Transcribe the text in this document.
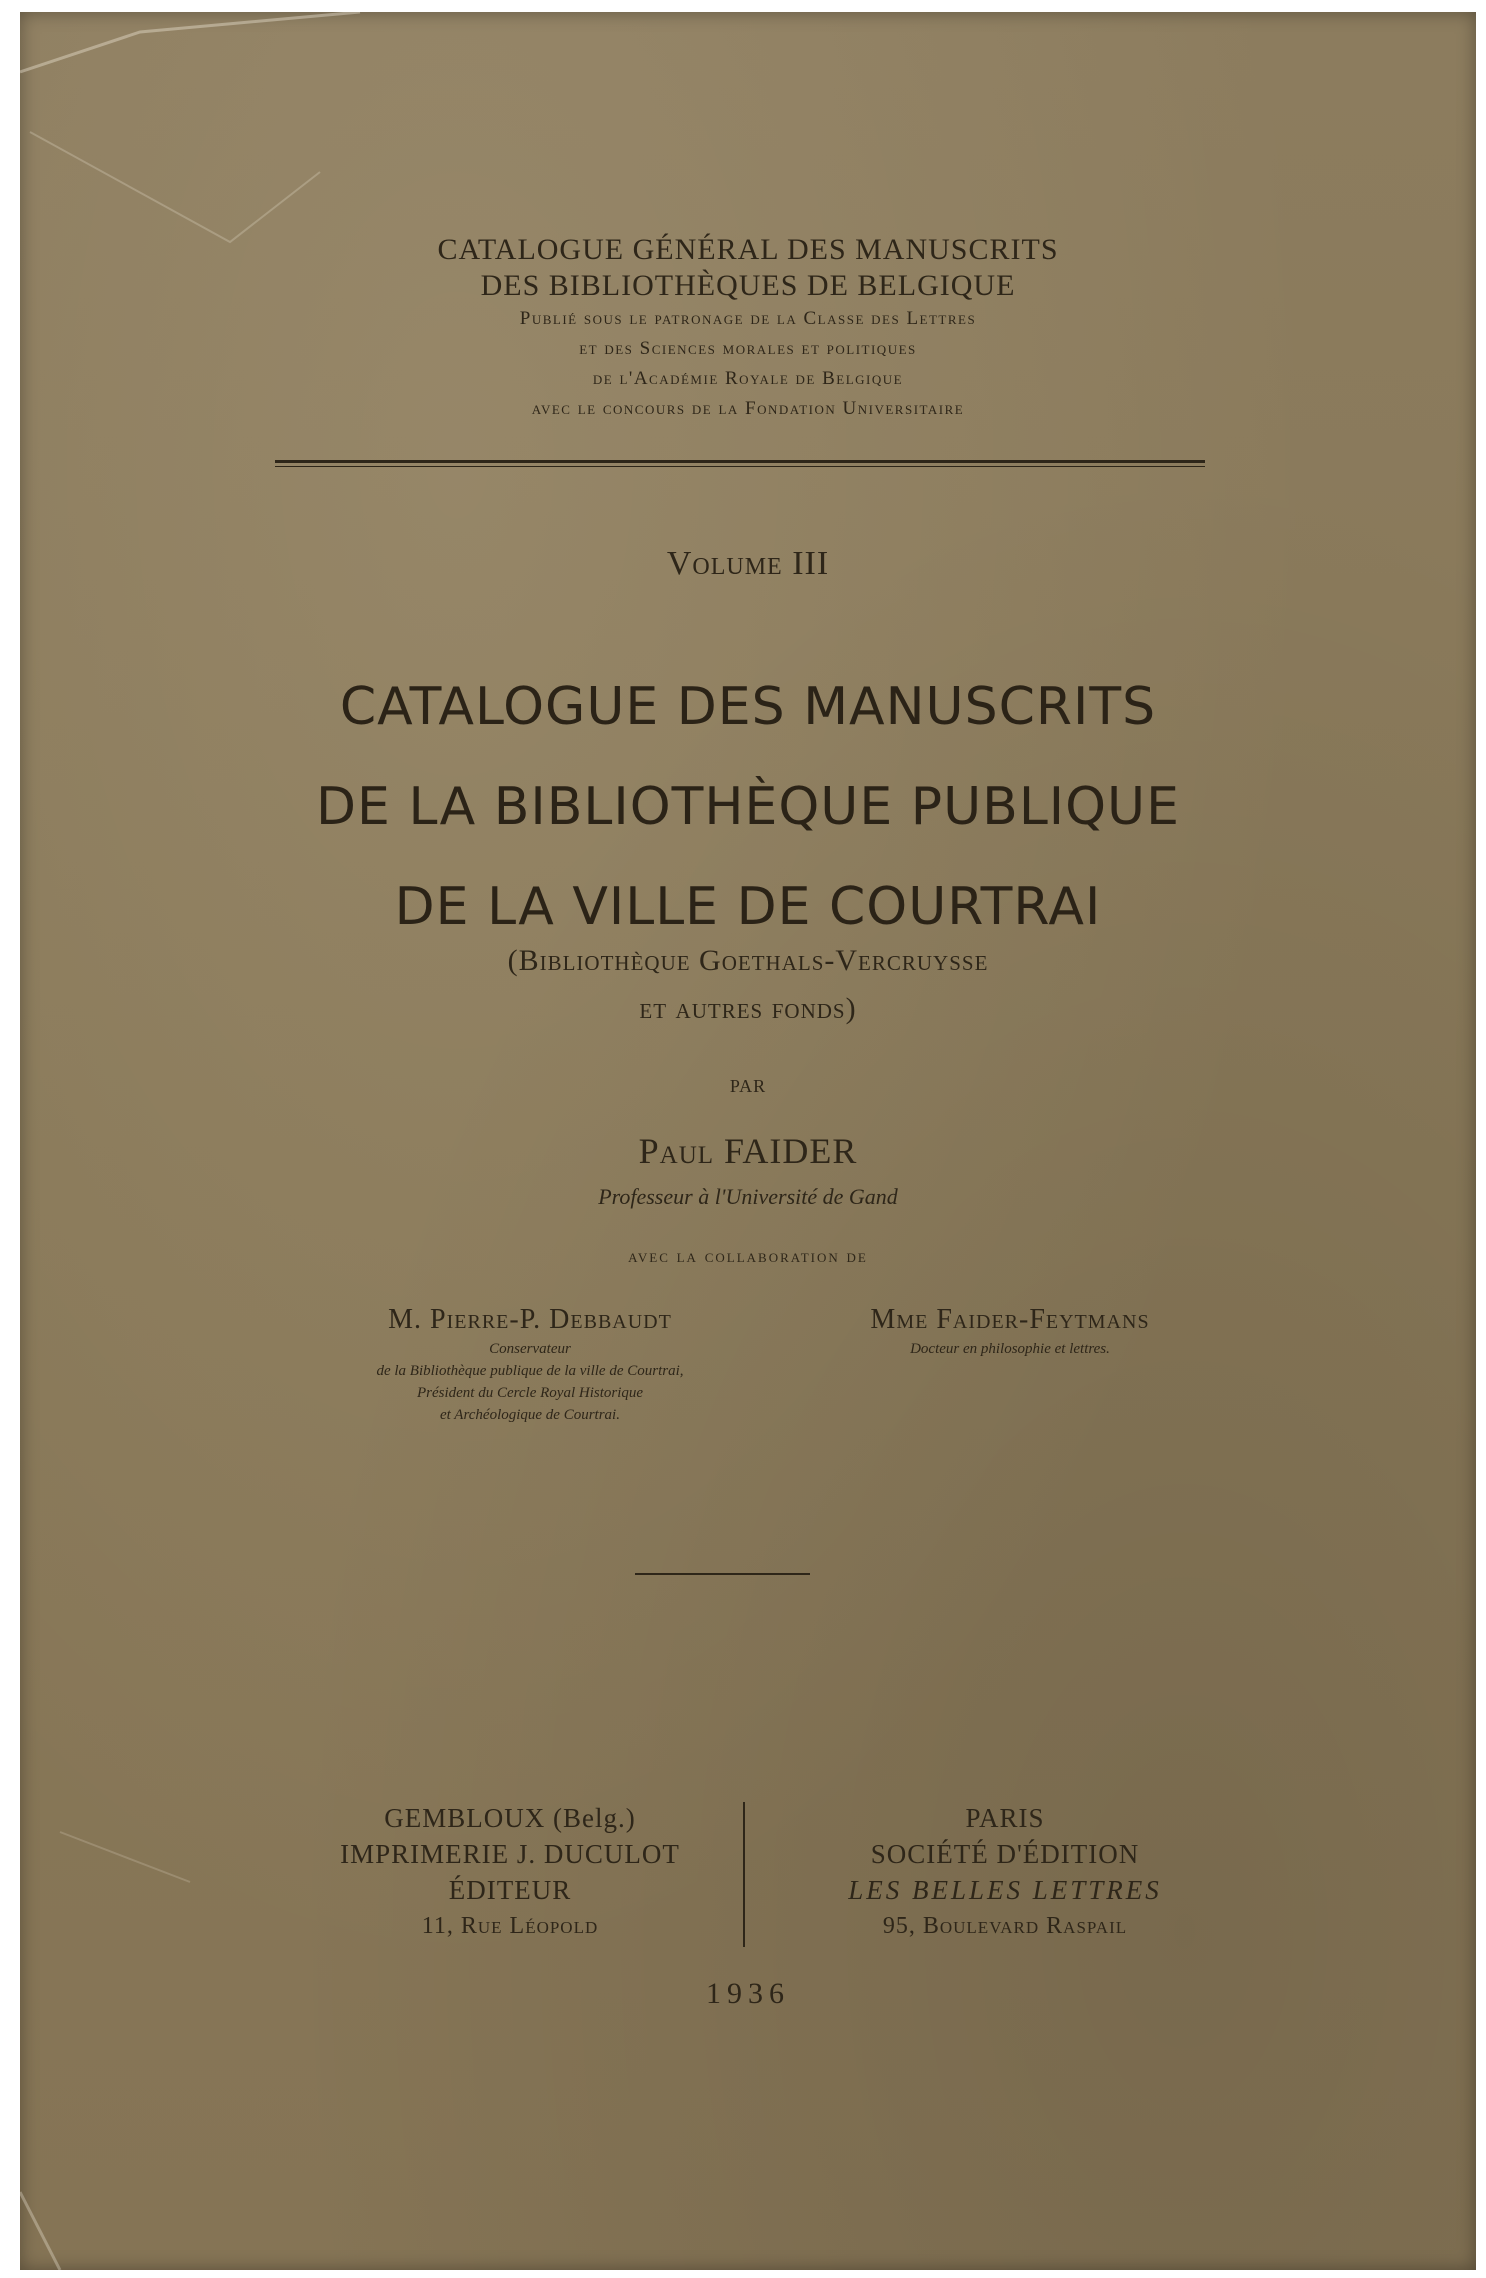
CATALOGUE GÉNÉRAL DES MANUSCRITS
DES BIBLIOTHÈQUES DE BELGIQUE
Publié sous le patronage de la Classe des Lettres
et des Sciences morales et politiques
de l'Académie Royale de Belgique
avec le concours de la Fondation Universitaire
Volume III
CATALOGUE DES MANUSCRITS
DE LA BIBLIOTHÈQUE PUBLIQUE
DE LA VILLE DE COURTRAI
(Bibliothèque Goethals-Vercruysse
et autres fonds)
PAR
Paul FAIDER
Professeur à l'Université de Gand
avec la collaboration de
M. Pierre-P. Debbaudt
Conservateur
de la Bibliothèque publique de la ville de Courtrai,
Président du Cercle Royal Historique
et Archéologique de Courtrai.
Mme Faider-Feytmans
Docteur en philosophie et lettres.
GEMBLOUX (Belg.)
IMPRIMERIE J. DUCULOT
ÉDITEUR
11, Rue Léopold
PARIS
SOCIÉTÉ D'ÉDITION
LES BELLES LETTRES
95, Boulevard Raspail
1936
